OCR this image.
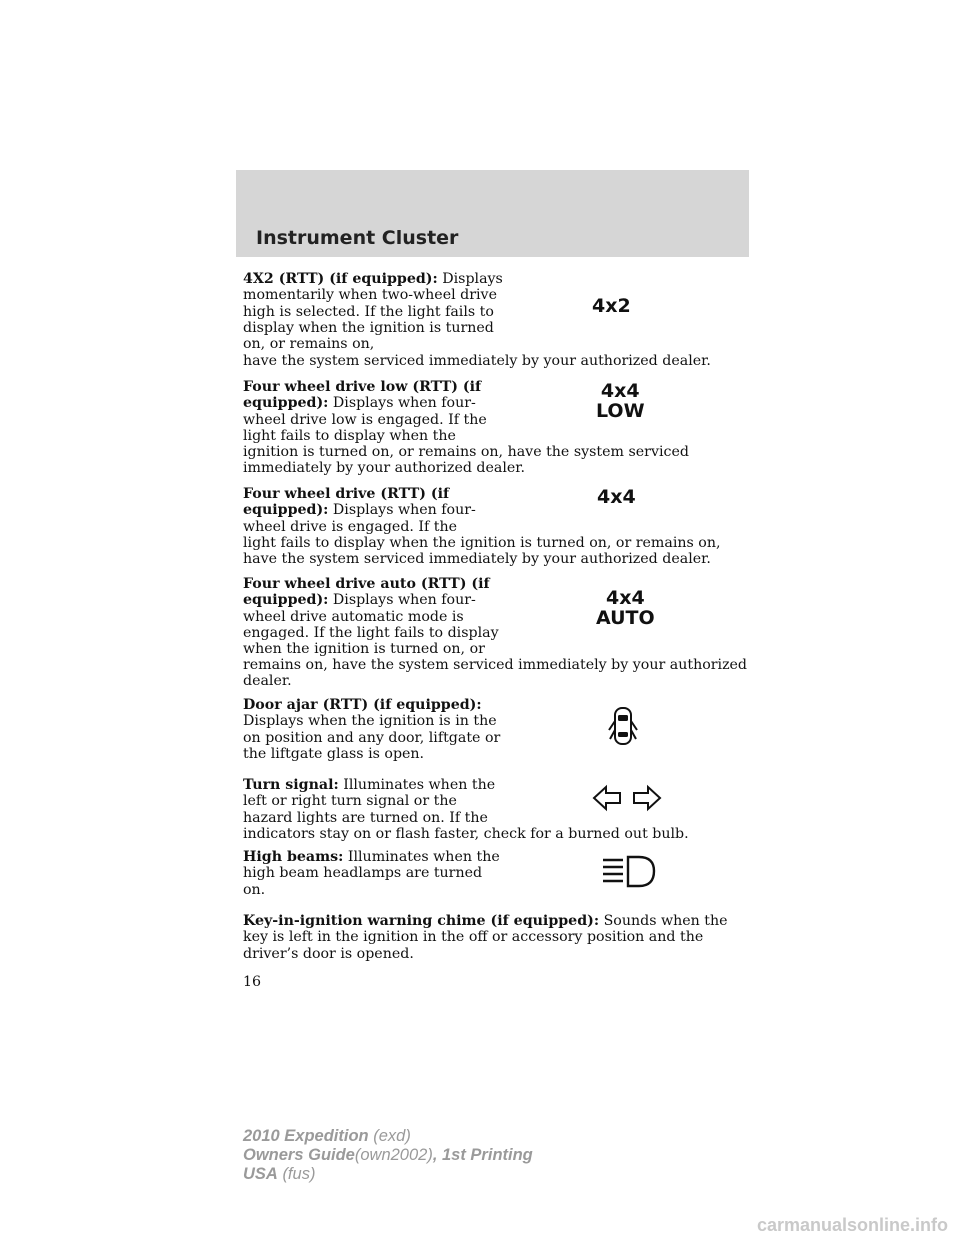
Instrument Cluster
4X2 (RTT) (if equipped): Displays momentarily when two-wheel drive high is selected. If the light fails to display when the ignition is turned on, or remains on,
have the system serviced immediately by your authorized dealer.
4x2
Four wheel drive low (RTT) (if equipped): Displays when four-wheel drive low is engaged. If the light fails to display when the
ignition is turned on, or remains on, have the system serviced immediately by your authorized dealer.
4x4
LOW
Four wheel drive (RTT) (if equipped): Displays when four-wheel drive is engaged. If the
light fails to display when the ignition is turned on, or remains on, have the system serviced immediately by your authorized dealer.
4x4
Four wheel drive auto (RTT) (if equipped): Displays when four-wheel drive automatic mode is engaged. If the light fails to display when the ignition is turned on, or
remains on, have the system serviced immediately by your authorized dealer.
4x4
AUTO
Door ajar (RTT) (if equipped): Displays when the ignition is in the on position and any door, liftgate or the liftgate glass is open.
Turn signal: Illuminates when the left or right turn signal or the hazard lights are turned on. If the
indicators stay on or flash faster, check for a burned out bulb.
High beams: Illuminates when the high beam headlamps are turned on.
Key-in-ignition warning chime (if equipped): Sounds when the key is left in the ignition in the off or accessory position and the driver’s door is opened.
16
2010 Expedition (exd)
Owners Guide(own2002), 1st Printing
USA (fus)
carmanualsonline.info
